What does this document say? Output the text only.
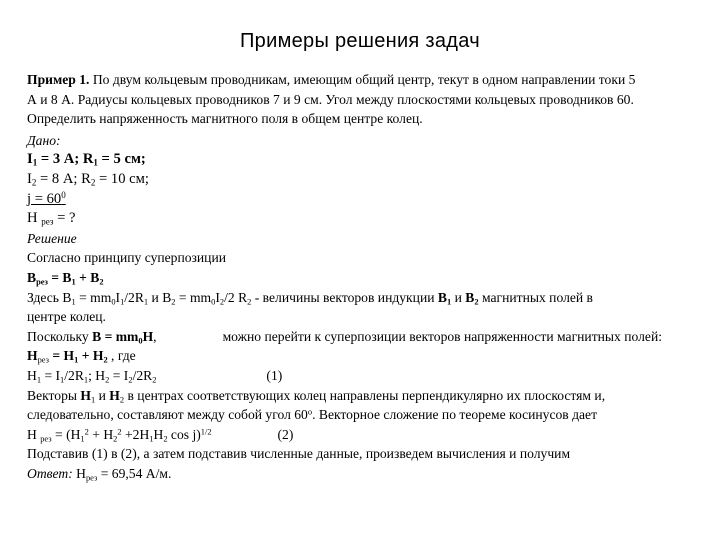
Примеры решения задач
Пример 1. По двум кольцевым проводникам, имеющим общий центр, текут в одном направлении токи 5
А и 8 А. Радиусы кольцевых проводников 7 и 9 см. Угол между плоскостями кольцевых проводников 60.
Определить напряженность магнитного поля в общем центре колец.
Дано:
$I_1 = 3$ А; $R_1 = 5$ см;
$I_2 = 8$ А; $R_2 = 10$ см;
$j = 60^0$
H $_{рез}$ = ?
Решение
Согласно принципу суперпозиции
$B_{рез} = B_1 + B_2$
Здесь $B_1 = mm_0I_1/2R_1$ и $B_2 = mm_0I_2/2$ $R_2$ - величины векторов индукции $B_1$ и $B_2$ магнитных полей в
центре колец.
Поскольку $B = mm_0H$,	можно перейти к суперпозиции векторов напряженности магнитных полей:
$H_{рез} = H_1 + H_2$ , где
$H_1 = I_1/2R_1$; $H_2 = I_2/2R_2$	(1)
Векторы $H_1$ и $H_2$ в центрах соответствующих колец направлены перпендикулярно их плоскостям и,
следовательно, составляют между собой угол $60^о$. Векторное сложение по теореме косинусов дает
H $_{рез} = (H_1^2 + H_2^2 +2H_1H_2$ cos j)$^{1/2}$	(2)
Подставив (1) в (2), а затем подставив численные данные, произведем вычисления и получим
Ответ: $H_{рез} = 69,54$ А/м.
